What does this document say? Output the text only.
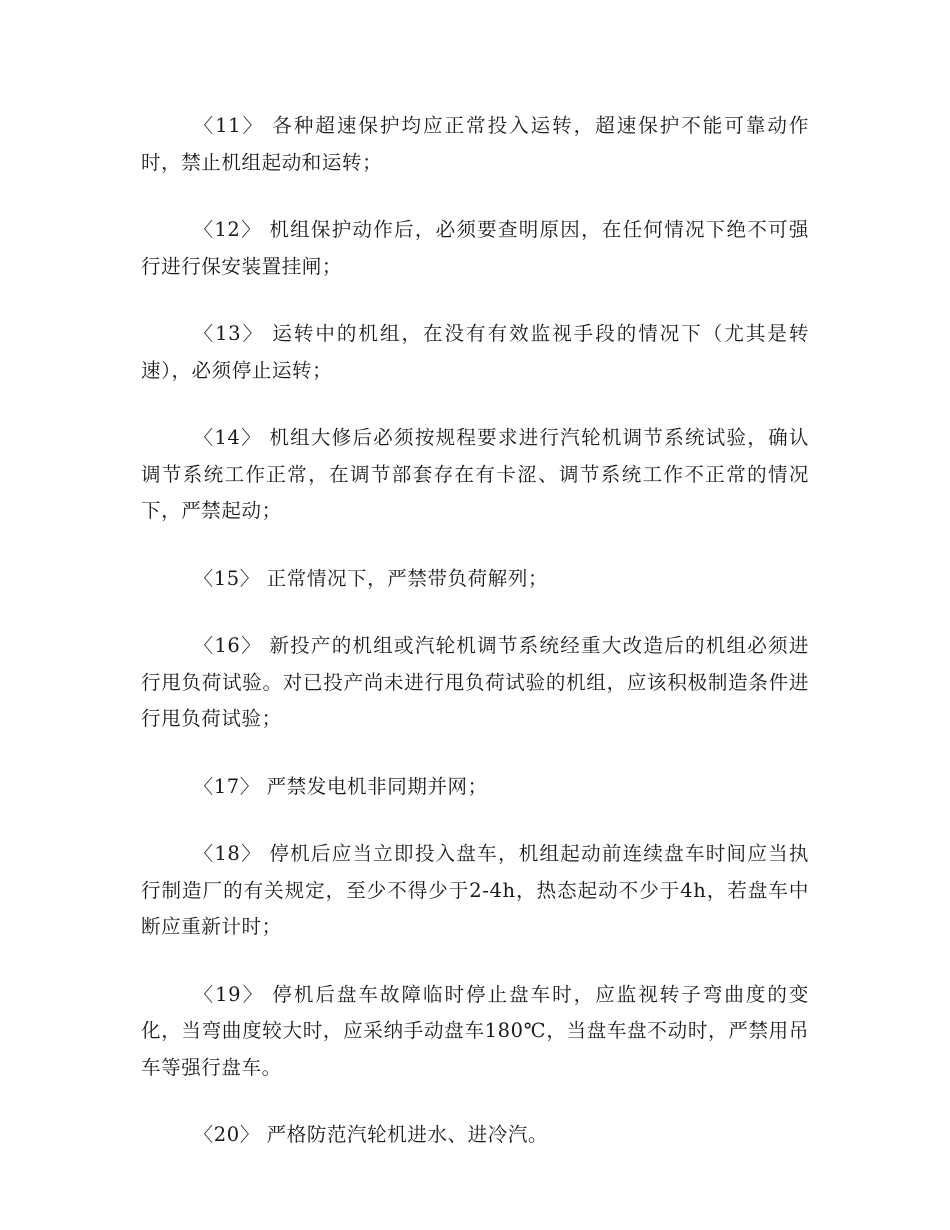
〈11〉 各种超速保护均应正常投入运转，超速保护不能可靠动作时，禁止机组起动和运转；

〈12〉 机组保护动作后，必须要查明原因，在任何情况下绝不可强行进行保安装置挂闸；

〈13〉 运转中的机组，在没有有效监视手段的情况下（尤其是转速），必须停止运转；

〈14〉 机组大修后必须按规程要求进行汽轮机调节系统试验，确认调节系统工作正常，在调节部套存在有卡涩、调节系统工作不正常的情况下，严禁起动；

〈15〉 正常情况下，严禁带负荷解列；

〈16〉 新投产的机组或汽轮机调节系统经重大改造后的机组必须进行甩负荷试验。对已投产尚未进行甩负荷试验的机组，应该积极制造条件进行甩负荷试验；

〈17〉 严禁发电机非同期并网；

〈18〉 停机后应当立即投入盘车，机组起动前连续盘车时间应当执行制造厂的有关规定，至少不得少于2-4h，热态起动不少于4h，若盘车中断应重新计时；

〈19〉 停机后盘车故障临时停止盘车时，应监视转子弯曲度的变化，当弯曲度较大时，应采纳手动盘车180℃，当盘车盘不动时，严禁用吊车等强行盘车。

〈20〉 严格防范汽轮机进水、进冷汽。
